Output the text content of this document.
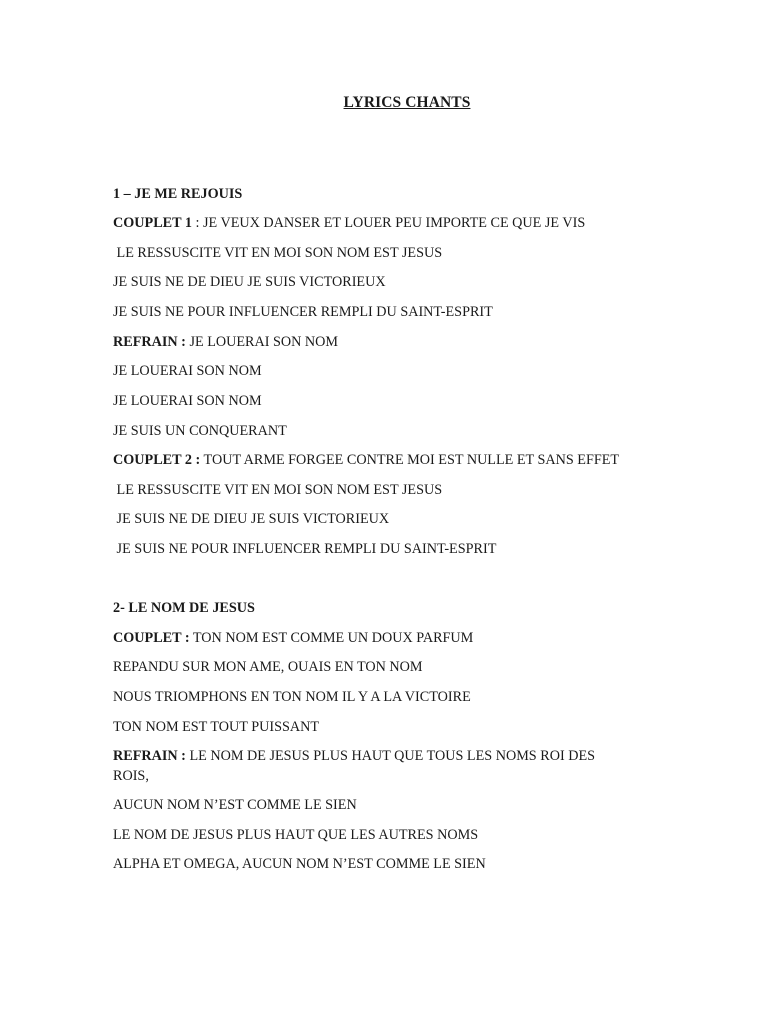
LYRICS CHANTS
1 – JE ME REJOUIS
COUPLET 1 : JE VEUX DANSER ET LOUER PEU IMPORTE CE QUE JE VIS
LE RESSUSCITE VIT EN MOI SON NOM EST JESUS
JE SUIS NE DE DIEU JE SUIS VICTORIEUX
JE SUIS NE POUR INFLUENCER REMPLI DU SAINT-ESPRIT
REFRAIN : JE LOUERAI SON NOM
JE LOUERAI SON NOM
JE LOUERAI SON NOM
JE SUIS UN CONQUERANT
COUPLET 2 : TOUT ARME FORGEE CONTRE MOI EST NULLE ET SANS EFFET
LE RESSUSCITE VIT EN MOI SON NOM EST JESUS
JE SUIS NE DE DIEU JE SUIS VICTORIEUX
JE SUIS NE POUR INFLUENCER REMPLI DU SAINT-ESPRIT
2- LE NOM DE JESUS
COUPLET : TON NOM EST COMME UN DOUX PARFUM
REPANDU SUR MON AME, OUAIS EN TON NOM
NOUS TRIOMPHONS EN TON NOM IL Y A LA VICTOIRE
TON NOM EST TOUT PUISSANT
REFRAIN : LE NOM DE JESUS PLUS HAUT QUE TOUS LES NOMS ROI DES ROIS,
AUCUN NOM N’EST COMME LE SIEN
LE NOM DE JESUS PLUS HAUT QUE LES AUTRES NOMS
ALPHA ET OMEGA, AUCUN NOM N’EST COMME LE SIEN
